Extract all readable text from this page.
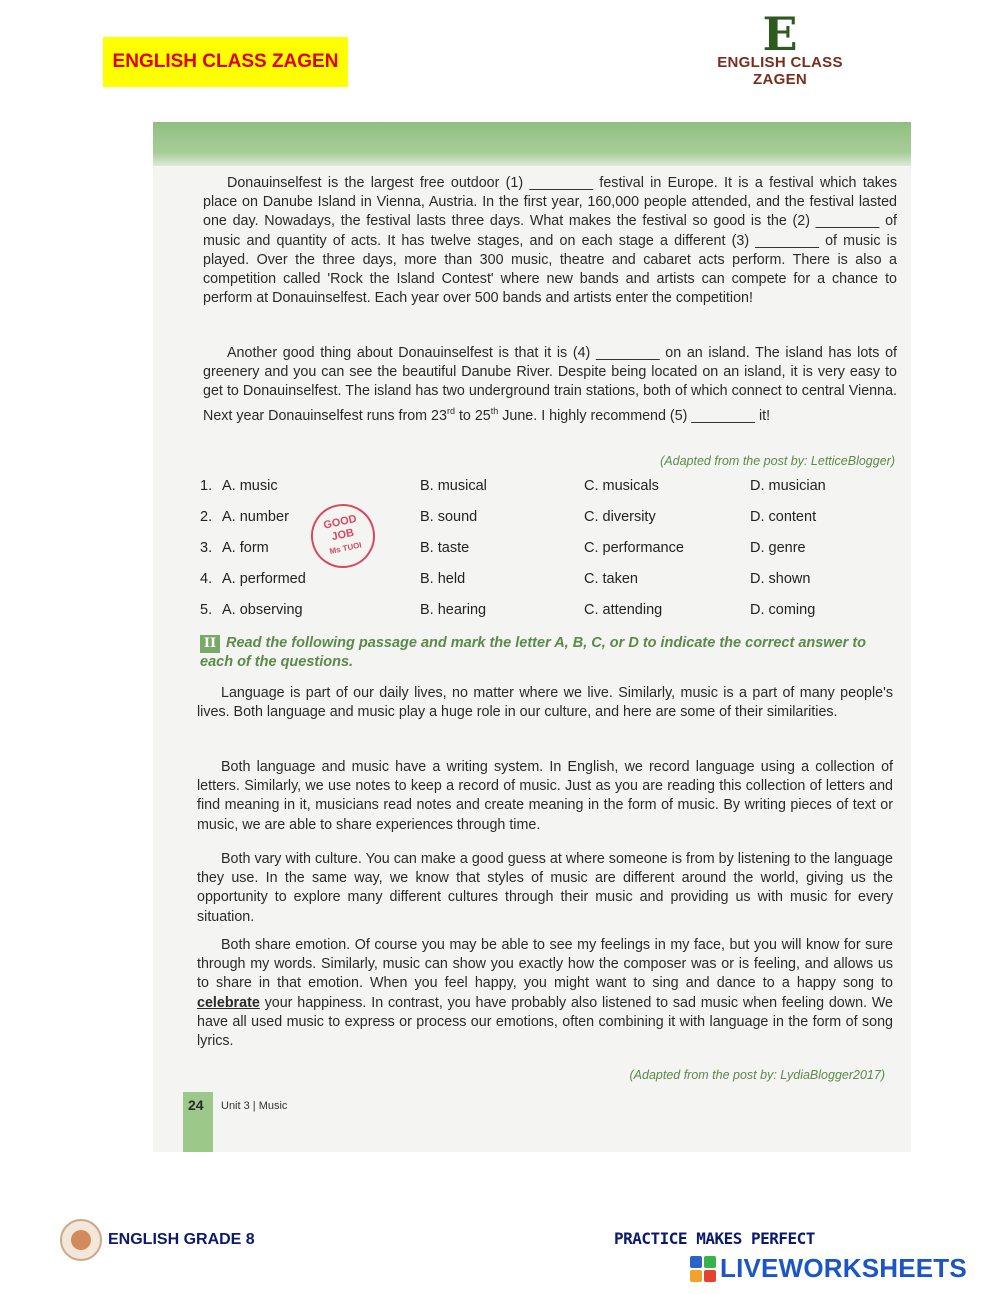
ENGLISH CLASS ZAGEN
E
ENGLISH CLASS ZAGEN

Donauinselfest is the largest free outdoor (1) ________ festival in Europe. It is a festival which takes place on Danube Island in Vienna, Austria. In the first year, 160,000 people attended, and the festival lasted one day. Nowadays, the festival lasts three days. What makes the festival so good is the (2) ________ of music and quantity of acts. It has twelve stages, and on each stage a different (3) ________ of music is played. Over the three days, more than 300 music, theatre and cabaret acts perform. There is also a competition called 'Rock the Island Contest' where new bands and artists can compete for a chance to perform at Donauinselfest. Each year over 500 bands and artists enter the competition!

Another good thing about Donauinselfest is that it is (4) ________ on an island. The island has lots of greenery and you can see the beautiful Danube River. Despite being located on an island, it is very easy to get to Donauinselfest. The island has two underground train stations, both of which connect to central Vienna. Next year Donauinselfest runs from 23rd to 25th June. I highly recommend (5) ________ it!

(Adapted from the post by: LetticeBlogger)
1. A. music	B. musical	C. musicals	D. musician
2. A. number	B. sound	C. diversity	D. content
3. A. form	B. taste	C. performance	D. genre
4. A. performed	B. held	C. taken	D. shown
5. A. observing	B. hearing	C. attending	D. coming
GOOD
JOB
Ms TUOI
II Read the following passage and mark the letter A, B, C, or D to indicate the correct answer to each of the questions.

Language is part of our daily lives, no matter where we live. Similarly, music is a part of many people's lives. Both language and music play a huge role in our culture, and here are some of their similarities.

Both language and music have a writing system. In English, we record language using a collection of letters. Similarly, we use notes to keep a record of music. Just as you are reading this collection of letters and find meaning in it, musicians read notes and create meaning in the form of music. By writing pieces of text or music, we are able to share experiences through time.

Both vary with culture. You can make a good guess at where someone is from by listening to the language they use. In the same way, we know that styles of music are different around the world, giving us the opportunity to explore many different cultures through their music and providing us with music for every situation.

Both share emotion. Of course you may be able to see my feelings in my face, but you will know for sure through my words. Similarly, music can show you exactly how the composer was or is feeling, and allows us to share in that emotion. When you feel happy, you might want to sing and dance to a happy song to celebrate your happiness. In contrast, you have probably also listened to sad music when feeling down. We have all used music to express or process our emotions, often combining it with language in the form of song lyrics.

(Adapted from the post by: LydiaBlogger2017)
24 Unit 3 | Music
ENGLISH GRADE 8	PRACTICE MAKES PERFECT
LIVEWORKSHEETS
